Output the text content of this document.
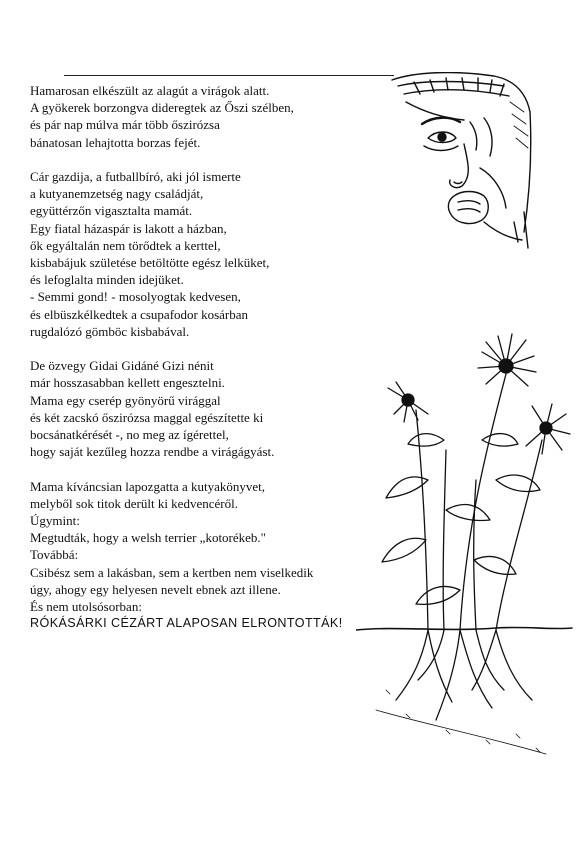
Hamarosan elkészült az alagút a virágok alatt.
A gyökerek borzongva dideregtek az Őszi szélben,
és pár nap múlva már több őszirózsa
bánatosan lehajtotta borzas fejét.
Cár gazdija, a futballbíró, aki jól ismerte
a kutyanemzetség nagy családját,
együttérzőn vigasztalta mamát.
Egy fiatal házaspár is lakott a házban,
ők egyáltalán nem törődtek a kerttel,
kisbabájuk születése betöltötte egész lelküket,
és lefoglalta minden idejüket.
- Semmi gond! - mosolyogtak kedvesen,
és elbüszkélkedtek a csupafodor kosárban
rugdalózó gömböc kisbabával.
De özvegy Gidai Gidáné Gizi nénit
már hosszasabban kellett engesztelni.
Mama egy cserép gyönyörű virággal
és két zacskó őszirózsa maggal egészítette ki
bocsánatkérését -, no meg az ígérettel,
hogy saját kezűleg hozza rendbe a virágágyást.
Mama kíváncsian lapozgatta a kutyakönyvet,
melyből sok titok derült ki kedvencéről.
Úgymint:
Megtudták, hogy a welsh terrier „kotorékeb."
Továbbá:
Csibész sem a lakásban, sem a kertben nem viselkedik
úgy, ahogy egy helyesen nevelt ebnek azt illene.
És nem utolsósorban:
RÓKÁSÁRKI CÉZÁRT ALAPOSAN ELRONTOTTÁK!
